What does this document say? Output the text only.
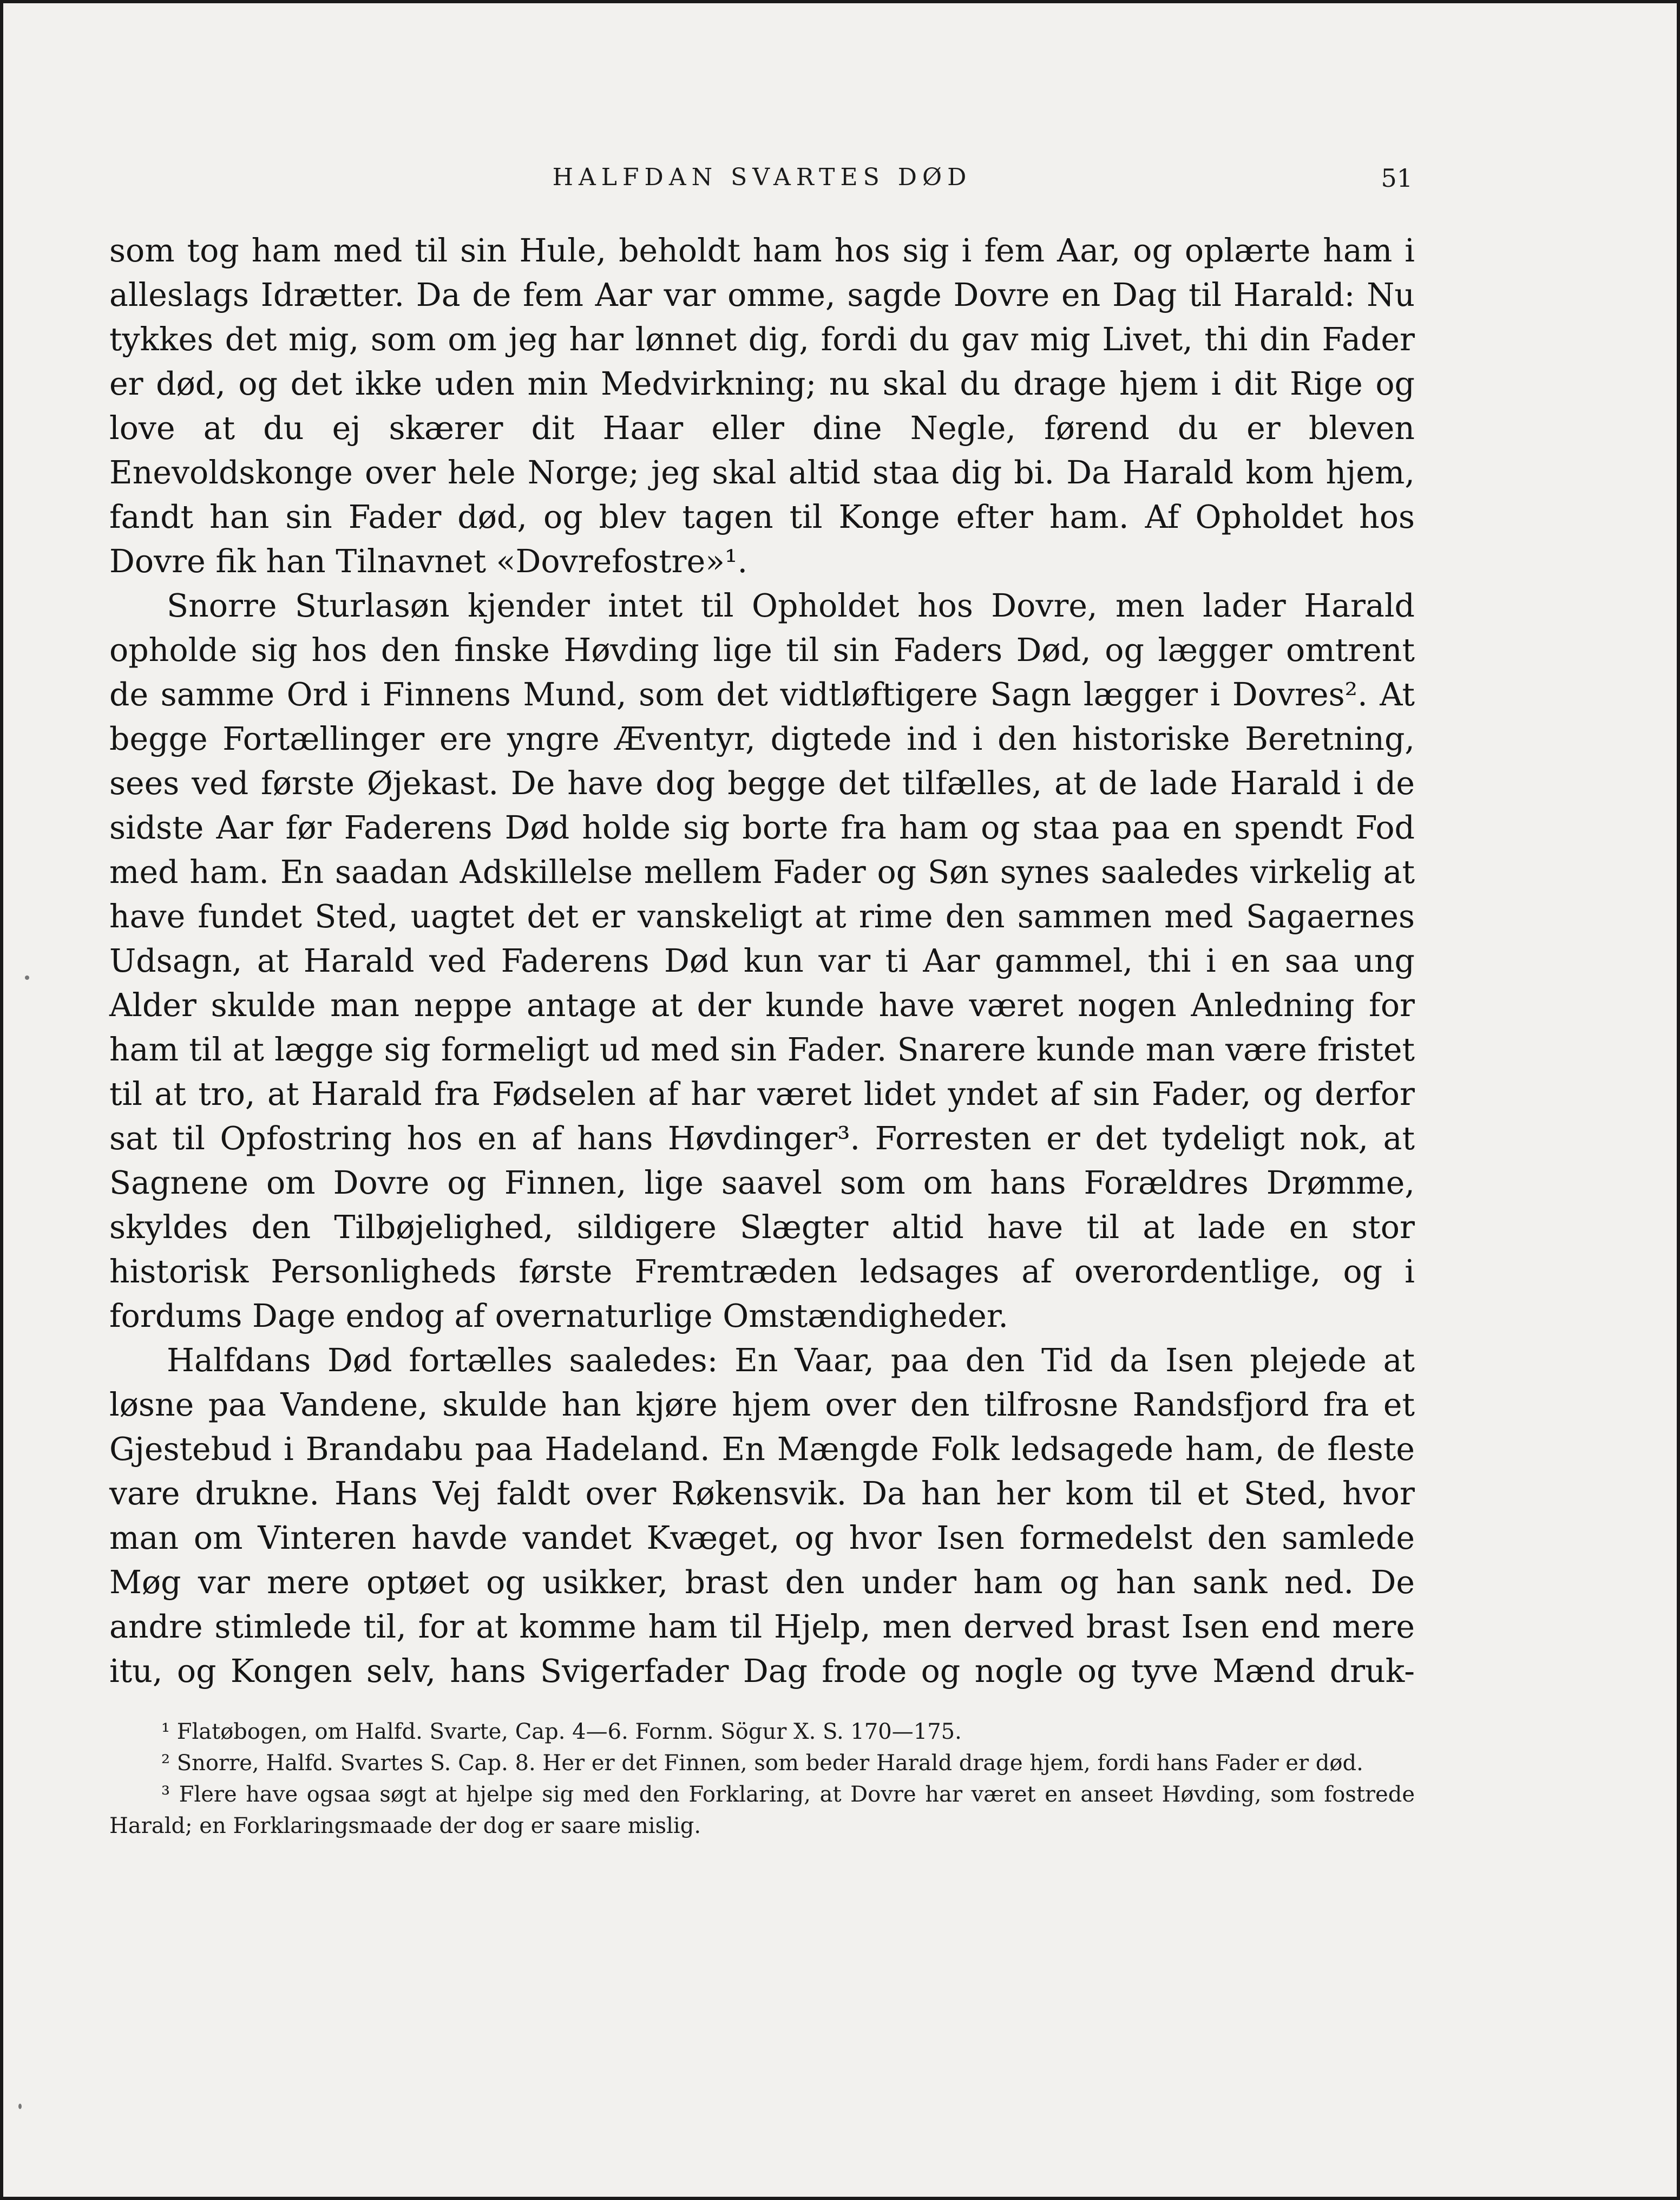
HALFDAN SVARTES DØD	51

som tog ham med til sin Hule, beholdt ham hos sig i fem Aar, og oplærte ham i alleslags Idrætter. Da de fem Aar var omme, sagde Dovre en Dag til Harald: Nu tykkes det mig, som om jeg har lønnet dig, fordi du gav mig Livet, thi din Fader er død, og det ikke uden min Medvirkning; nu skal du drage hjem i dit Rige og love at du ej skærer dit Haar eller dine Negle, førend du er bleven Enevoldskonge over hele Norge; jeg skal altid staa dig bi. Da Harald kom hjem, fandt han sin Fader død, og blev tagen til Konge efter ham. Af Opholdet hos Dovre fik han Tilnavnet «Dovrefostre»¹.

Snorre Sturlasøn kjender intet til Opholdet hos Dovre, men lader Harald opholde sig hos den finske Høvding lige til sin Faders Død, og lægger omtrent de samme Ord i Finnens Mund, som det vidtløftigere Sagn lægger i Dovres². At begge Fortællinger ere yngre Æventyr, digtede ind i den historiske Beretning, sees ved første Øjekast. De have dog begge det tilfælles, at de lade Harald i de sidste Aar før Faderens Død holde sig borte fra ham og staa paa en spendt Fod med ham. En saadan Adskillelse mellem Fader og Søn synes saaledes virkelig at have fundet Sted, uagtet det er vanskeligt at rime den sammen med Sagaernes Udsagn, at Harald ved Faderens Død kun var ti Aar gammel, thi i en saa ung Alder skulde man neppe antage at der kunde have været nogen Anledning for ham til at lægge sig formeligt ud med sin Fader. Snarere kunde man være fristet til at tro, at Harald fra Fødselen af har været lidet yndet af sin Fader, og derfor sat til Opfostring hos en af hans Høvdinger³. Forresten er det tydeligt nok, at Sagnene om Dovre og Finnen, lige saavel som om hans Forældres Drømme, skyldes den Tilbøjelighed, sildigere Slægter altid have til at lade en stor historisk Personligheds første Fremtræden ledsages af overordentlige, og i fordums Dage endog af overnaturlige Omstændigheder.

Halfdans Død fortælles saaledes: En Vaar, paa den Tid da Isen plejede at løsne paa Vandene, skulde han kjøre hjem over den tilfrosne Randsfjord fra et Gjestebud i Brandabu paa Hadeland. En Mængde Folk ledsagede ham, de fleste vare drukne. Hans Vej faldt over Røkensvik. Da han her kom til et Sted, hvor man om Vinteren havde vandet Kvæget, og hvor Isen formedelst den samlede Møg var mere optøet og usikker, brast den under ham og han sank ned. De andre stimlede til, for at komme ham til Hjelp, men derved brast Isen end mere itu, og Kongen selv, hans Svigerfader Dag frode og nogle og tyve Mænd druk-

¹ Flatøbogen, om Halfd. Svarte, Cap. 4—6. Fornm. Sögur X. S. 170—175.

² Snorre, Halfd. Svartes S. Cap. 8. Her er det Finnen, som beder Harald drage hjem, fordi hans Fader er død.

³ Flere have ogsaa søgt at hjelpe sig med den Forklaring, at Dovre har været en anseet Høvding, som fostrede Harald; en Forklaringsmaade der dog er saare mislig.
